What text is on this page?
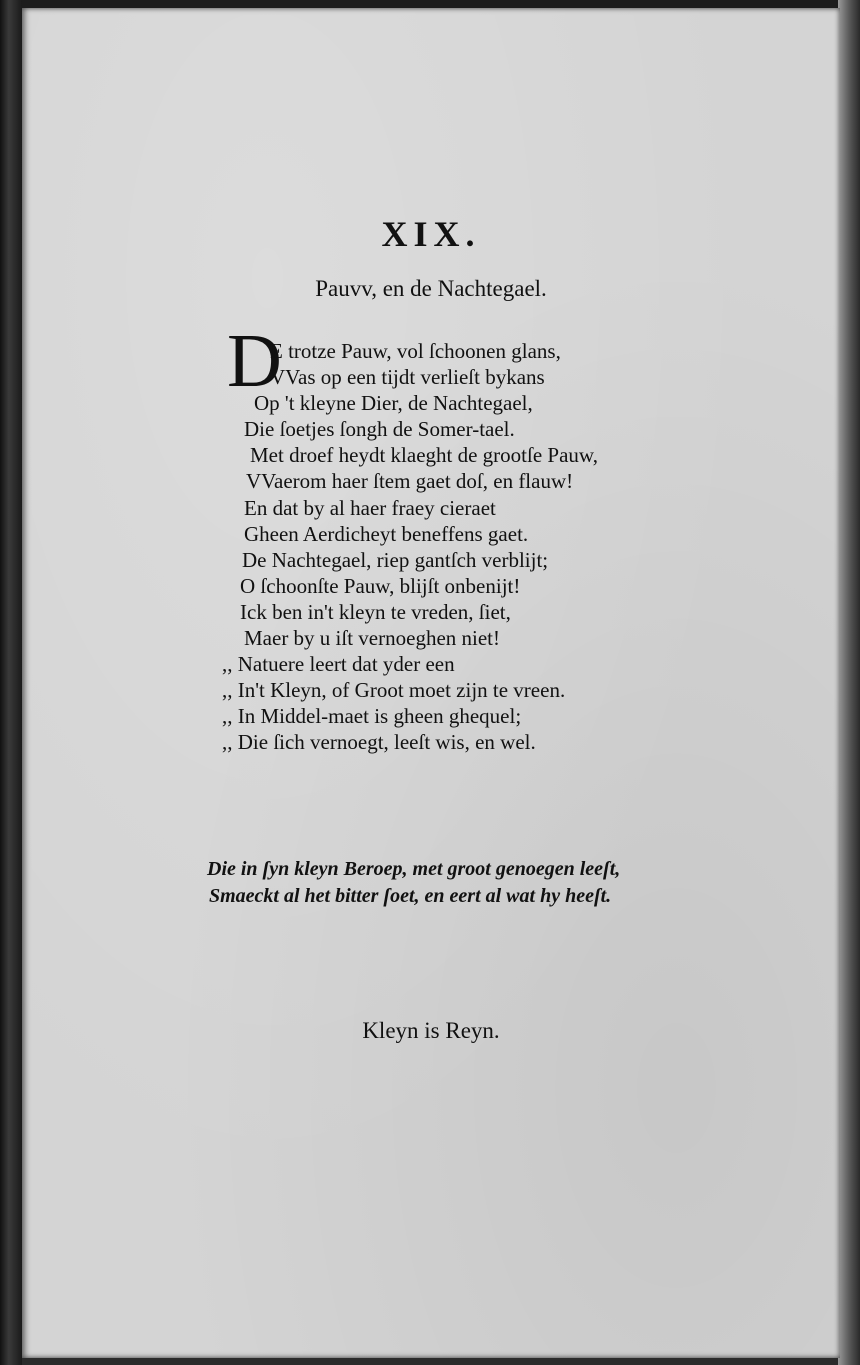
XIX.
Pauvv, en de Nachtegael.
D
E trotze Pauw, vol ſchoonen glans,
VVas op een tijdt verlieſt bykans
Op 't kleyne Dier, de Nachtegael,
Die ſoetjes ſongh de Somer-tael.
Met droef heydt klaeght de grootſe Pauw,
VVaerom haer ſtem gaet doſ, en flauw!
En dat by al haer fraey cieraet
Gheen Aerdicheyt beneffens gaet.
De Nachtegael, riep gantſch verblijt;
O ſchoonſte Pauw, blijſt onbenijt!
Ick ben in't kleyn te vreden, ſiet,
Maer by u iſt vernoeghen niet!
,, Natuere leert dat yder een
,, In't Kleyn, of Groot moet zijn te vreen.
,, In Middel-maet is gheen ghequel;
,, Die ſich vernoegt, leeſt wis, en wel.
Die in ſyn kleyn Beroep, met groot genoegen leeſt,
Smaeckt al het bitter ſoet, en eert al wat hy heeſt.
Kleyn is Reyn.
